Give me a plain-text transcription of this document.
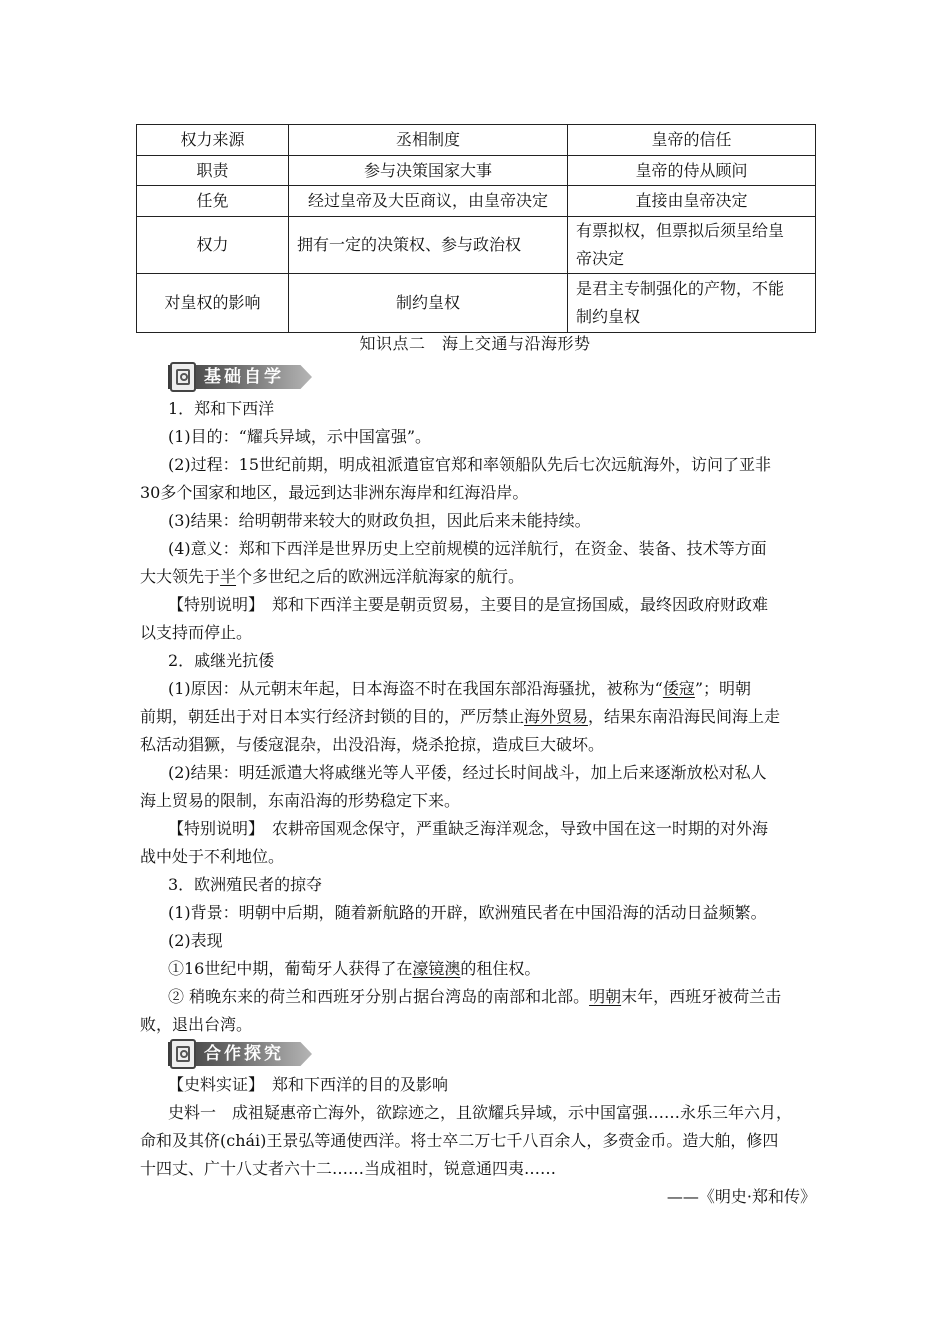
权力来源	丞相制度	皇帝的信任
职责	参与决策国家大事	皇帝的侍从顾问
任免	经过皇帝及大臣商议，由皇帝决定	直接由皇帝决定
权力	拥有一定的决策权、参与政治权	有票拟权，但票拟后须呈给皇
帝决定

对皇权的影响	制约皇权	是君主专制强化的产物，不能
制约皇权
知识点二　海上交通与沿海形势
基础自学
1．郑和下西洋
(1)目的：“耀兵异域，示中国富强”。
(2)过程：15世纪前期，明成祖派遣宦官郑和率领船队先后七次远航海外，访问了亚非
30多个国家和地区，最远到达非洲东海岸和红海沿岸。
(3)结果：给明朝带来较大的财政负担，因此后来未能持续。
(4)意义：郑和下西洋是世界历史上空前规模的远洋航行，在资金、装备、技术等方面
大大领先于半个多世纪之后的欧洲远洋航海家的航行。
【特别说明】　郑和下西洋主要是朝贡贸易，主要目的是宣扬国威，最终因政府财政难
以支持而停止。
2．戚继光抗倭
(1)原因：从元朝末年起，日本海盗不时在我国东部沿海骚扰，被称为“倭寇”；明朝
前期，朝廷出于对日本实行经济封锁的目的，严厉禁止海外贸易，结果东南沿海民间海上走
私活动猖獗，与倭寇混杂，出没沿海，烧杀抢掠，造成巨大破坏。
(2)结果：明廷派遣大将戚继光等人平倭，经过长时间战斗，加上后来逐渐放松对私人
海上贸易的限制，东南沿海的形势稳定下来。
【特别说明】　农耕帝国观念保守，严重缺乏海洋观念，导致中国在这一时期的对外海
战中处于不利地位。
3．欧洲殖民者的掠夺
(1)背景：明朝中后期，随着新航路的开辟，欧洲殖民者在中国沿海的活动日益频繁。
(2)表现
①16世纪中期，葡萄牙人获得了在濠镜澳的租住权。
② 稍晚东来的荷兰和西班牙分别占据台湾岛的南部和北部。明朝末年，西班牙被荷兰击
败，退出台湾。
合作探究
【史料实证】　郑和下西洋的目的及影响
史料一　成祖疑惠帝亡海外，欲踪迹之，且欲耀兵异域，示中国富强……永乐三年六月，
命和及其侪(chái)王景弘等通使西洋。将士卒二万七千八百余人，多赍金币。造大舶，修四
十四丈、广十八丈者六十二……当成祖时，锐意通四夷……
——《明史·郑和传》
